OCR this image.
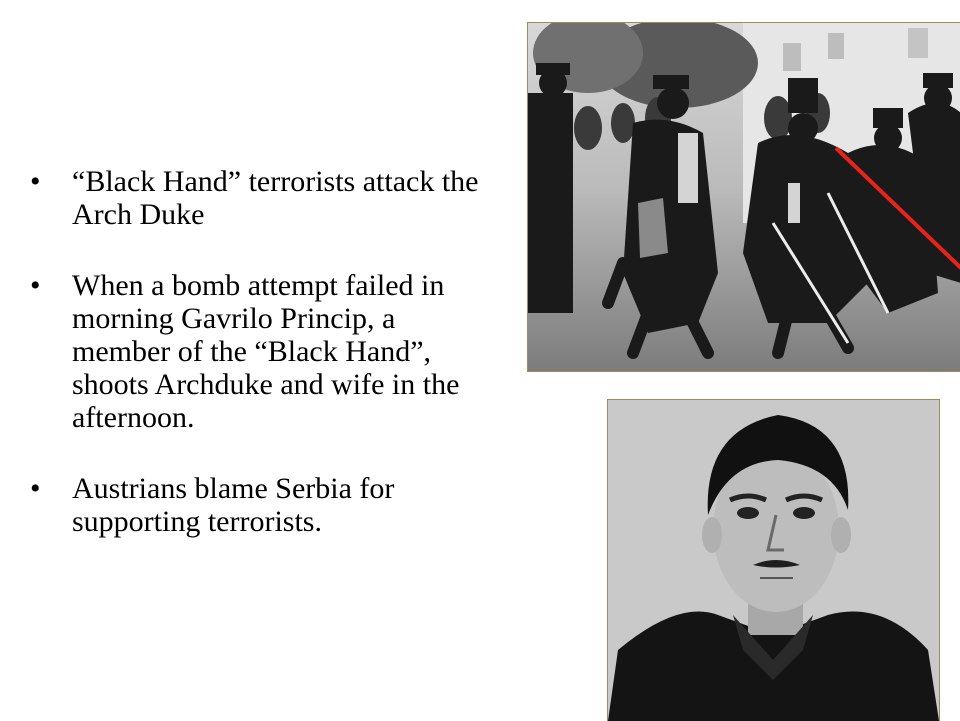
• “Black Hand” terrorists attack the Arch Duke
• When a bomb attempt failed in morning Gavrilo Princip, a member of the “Black Hand”, shoots Archduke and wife in the afternoon.
• Austrians blame Serbia for supporting terrorists.
